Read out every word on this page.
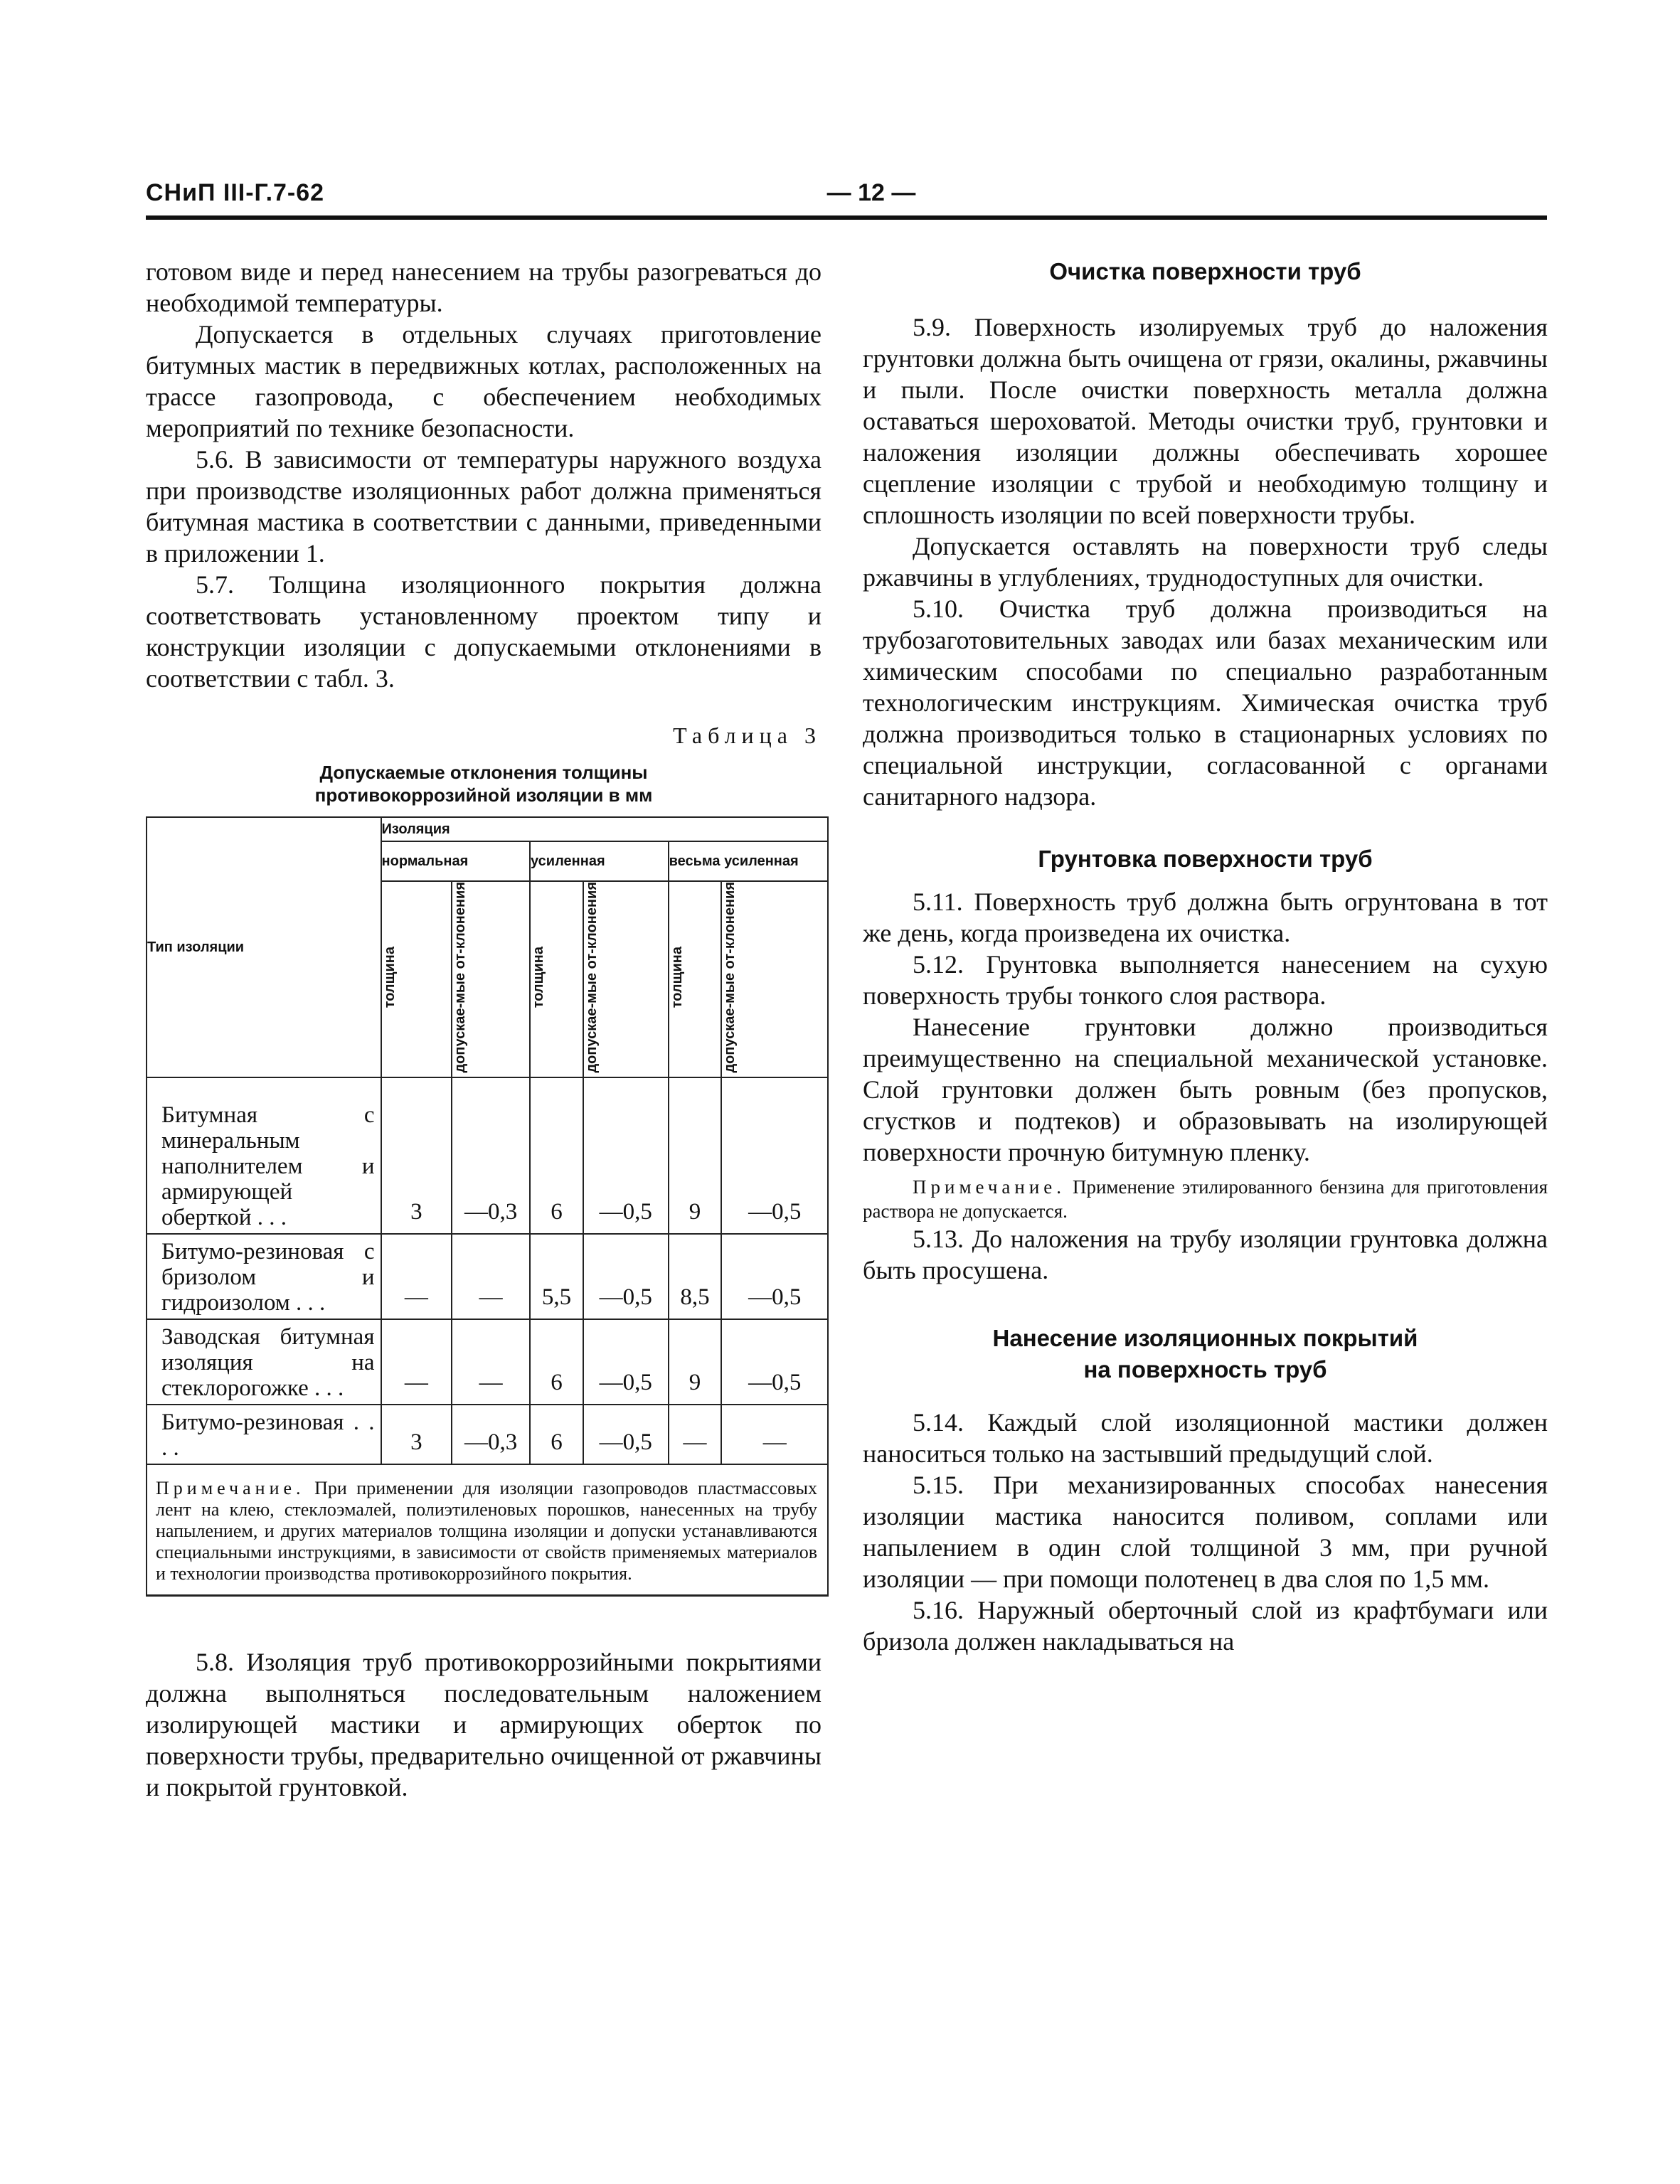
СНиП III-Г.7-62	— 12 —

готовом виде и перед нанесением на трубы разогреваться до необходимой температуры.

Допускается в отдельных случаях приготовление битумных мастик в передвижных котлах, расположенных на трассе газопровода, с обеспечением необходимых мероприятий по технике безопасности.

5.6. В зависимости от температуры наружного воздуха при производстве изоляционных работ должна применяться битумная мастика в соответствии с данными, приведенными в приложении 1.

5.7. Толщина изоляционного покрытия должна соответствовать установленному проектом типу и конструкции изоляции с допускаемыми отклонениями в соответствии с табл. 3.

Таблица 3
Допускаемые отклонения толщины
противокоррозийной изоляции в мм
Тип изоляции	Изоляция					
	нормальная		усиленная		весьма усиленная	
	толщина	допускае-мые от-клонения	толщина	допускае-мые от-клонения	толщина	допускае-мые от-клонения
Битумная с минеральным наполнителем и армирующей оберткой . . .	3	—0,3	6	—0,5	9	—0,5
Битумо-резиновая с бризолом и гидроизолом . . .	—	—	5,5	—0,5	8,5	—0,5
Заводская битумная изоляция на стеклорогожке . . .	—	—	6	—0,5	9	—0,5
Битумо-резиновая . . . .	3	—0,3	6	—0,5	—	—
Примечание. При применении для изоляции газопроводов пластмассовых лент на клею, стеклоэмалей, полиэтиленовых порошков, нанесенных на трубу напылением, и других материалов толщина изоляции и допуски устанавливаются специальными инструкциями, в зависимости от свойств применяемых материалов и технологии производства противокоррозийного покрытия.

5.8. Изоляция труб противокоррозийными покрытиями должна выполняться последовательным наложением изолирующей мастики и армирующих оберток по поверхности трубы, предварительно очищенной от ржавчины и покрытой грунтовкой.

Очистка поверхности труб

5.9. Поверхность изолируемых труб до наложения грунтовки должна быть очищена от грязи, окалины, ржавчины и пыли. После очистки поверхность металла должна оставаться шероховатой. Методы очистки труб, грунтовки и наложения изоляции должны обеспечивать хорошее сцепление изоляции с трубой и необходимую толщину и сплошность изоляции по всей поверхности трубы.

Допускается оставлять на поверхности труб следы ржавчины в углублениях, труднодоступных для очистки.

5.10. Очистка труб должна производиться на трубозаготовительных заводах или базах механическим или химическим способами по специально разработанным технологическим инструкциям. Химическая очистка труб должна производиться только в стационарных условиях по специальной инструкции, согласованной с органами санитарного надзора.

Грунтовка поверхности труб

5.11. Поверхность труб должна быть огрунтована в тот же день, когда произведена их очистка.

5.12. Грунтовка выполняется нанесением на сухую поверхность трубы тонкого слоя раствора.

Нанесение грунтовки должно производиться преимущественно на специальной механической установке. Слой грунтовки должен быть ровным (без пропусков, сгустков и подтеков) и образовывать на изолирующей поверхности прочную битумную пленку.

Примечание. Применение этилированного бензина для приготовления раствора не допускается.

5.13. До наложения на трубу изоляции грунтовка должна быть просушена.

Нанесение изоляционных покрытий
на поверхность труб

5.14. Каждый слой изоляционной мастики должен наноситься только на застывший предыдущий слой.

5.15. При механизированных способах нанесения изоляции мастика наносится поливом, соплами или напылением в один слой толщиной 3 мм, при ручной изоляции — при помощи полотенец в два слоя по 1,5 мм.

5.16. Наружный оберточный слой из крафтбумаги или бризола должен накладываться на
